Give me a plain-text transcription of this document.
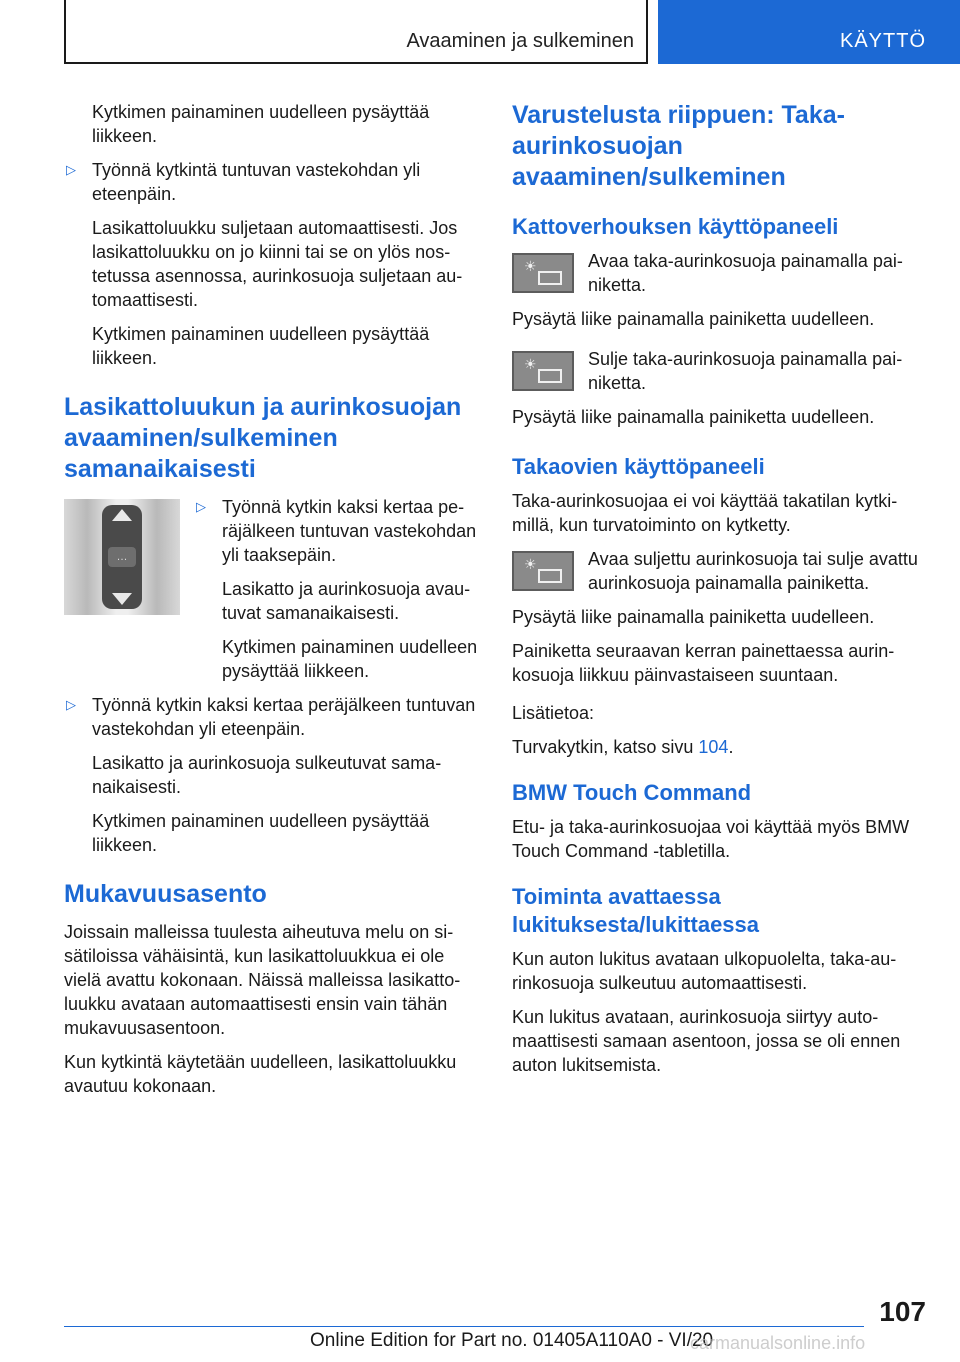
Avaaminen ja sulkeminen	KÄYTTÖ

Kytkimen painaminen uudelleen pysäyttää liikkeen.

▷ Työnnä kytkintä tuntuvan vastekohdan yli eteenpäin.

Lasikattoluukku suljetaan automaattisesti. Jos lasikattoluukku on jo kiinni tai se on ylös nostetussa asennossa, aurinkosuoja suljetaan automaattisesti.

Kytkimen painaminen uudelleen pysäyttää liikkeen.

Lasikattoluukun ja aurinkosuojan avaaminen/sulkeminen samanaikaisesti
…
▷ Työnnä kytkin kaksi kertaa peräjälkeen tuntuvan vastekohdan yli taaksepäin.

Lasikatto ja aurinkosuoja avautuvat samanaikaisesti.

Kytkimen painaminen uudelleen pysäyttää liikkeen.

▷ Työnnä kytkin kaksi kertaa peräjälkeen tuntuvan vastekohdan yli eteenpäin.

Lasikatto ja aurinkosuoja sulkeutuvat samanaikaisesti.

Kytkimen painaminen uudelleen pysäyttää liikkeen.

Mukavuusasento

Joissain malleissa tuulesta aiheutuva melu on sisätiloissa vähäisintä, kun lasikattoluukkua ei ole vielä avattu kokonaan. Näissä malleissa lasikattoluukku avataan automaattisesti ensin vain tähän mukavuusasentoon.

Kun kytkintä käytetään uudelleen, lasikattoluukku avautuu kokonaan.

Varustelusta riippuen: Taka-aurinkosuojan avaaminen/sulkeminen
Kattoverhouksen käyttöpaneeli
☀	Avaa taka-aurinkosuoja painamalla painiketta.

Pysäytä liike painamalla painiketta uudelleen.

☀	Sulje taka-aurinkosuoja painamalla painiketta.

Pysäytä liike painamalla painiketta uudelleen.

Takaovien käyttöpaneeli

Taka-aurinkosuojaa ei voi käyttää takatilan kytkimillä, kun turvatoiminto on kytketty.

☀	Avaa suljettu aurinkosuoja tai sulje avattu aurinkosuoja painamalla painiketta.

Pysäytä liike painamalla painiketta uudelleen.

Painiketta seuraavan kerran painettaessa aurinkosuoja liikkuu päinvastaiseen suuntaan.

Lisätietoa:

Turvakytkin, katso sivu 104.

BMW Touch Command

Etu- ja taka-aurinkosuojaa voi käyttää myös BMW Touch Command -tabletilla.

Toiminta avattaessa lukituksesta/lukittaessa

Kun auton lukitus avataan ulkopuolelta, taka-aurinkosuoja sulkeutuu automaattisesti.

Kun lukitus avataan, aurinkosuoja siirtyy automaattisesti samaan asentoon, jossa se oli ennen auton lukitsemista.

107
Online Edition for Part no. 01405A110A0 - VI/20
carmanualsonline.info
